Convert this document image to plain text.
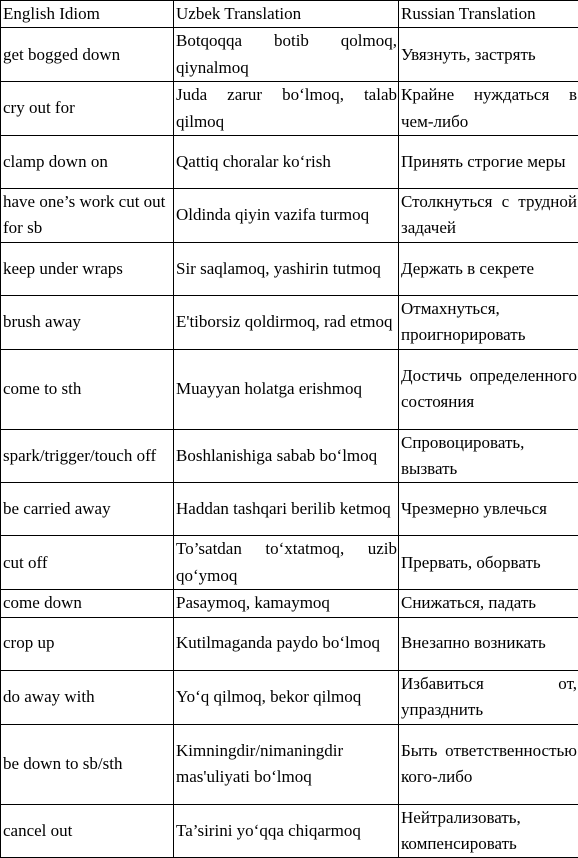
English Idiom	Uzbek Translation	Russian Translation
get bogged down	Botqoqqa botib qolmoq, qiynalmoq	Увязнуть, застрять
cry out for	Juda zarur bo‘lmoq, talab qilmoq	Крайне нуждаться в чем-либо
clamp down on	Qattiq choralar ko‘rish	Принять строгие меры
have one’s work cut out for sb	Oldinda qiyin vazifa turmoq	Столкнуться с трудной задачей
keep under wraps	Sir saqlamoq, yashirin tutmoq	Держать в секрете
brush away	E'tiborsiz qoldirmoq, rad etmoq	Отмахнуться, проигнорировать
come to sth	Muayyan holatga erishmoq	Достичь определенного состояния
spark/trigger/touch off	Boshlanishiga sabab bo‘lmoq	Спровоцировать, вызвать
be carried away	Haddan tashqari berilib ketmoq	Чрезмерно увлечься
cut off	To’satdan to‘xtatmoq, uzib qo‘ymoq	Прервать, оборвать
come down	Pasaymoq, kamaymoq	Снижаться, падать
crop up	Kutilmaganda paydo bo‘lmoq	Внезапно возникать
do away with	Yo‘q qilmoq, bekor qilmoq	Избавиться от, упразднить
be down to sb/sth	Kimningdir/nimaningdir mas'uliyati bo‘lmoq	Быть ответственностью кого-либо
cancel out	Ta’sirini yo‘qqa chiqarmoq	Нейтрализовать, компенсировать
